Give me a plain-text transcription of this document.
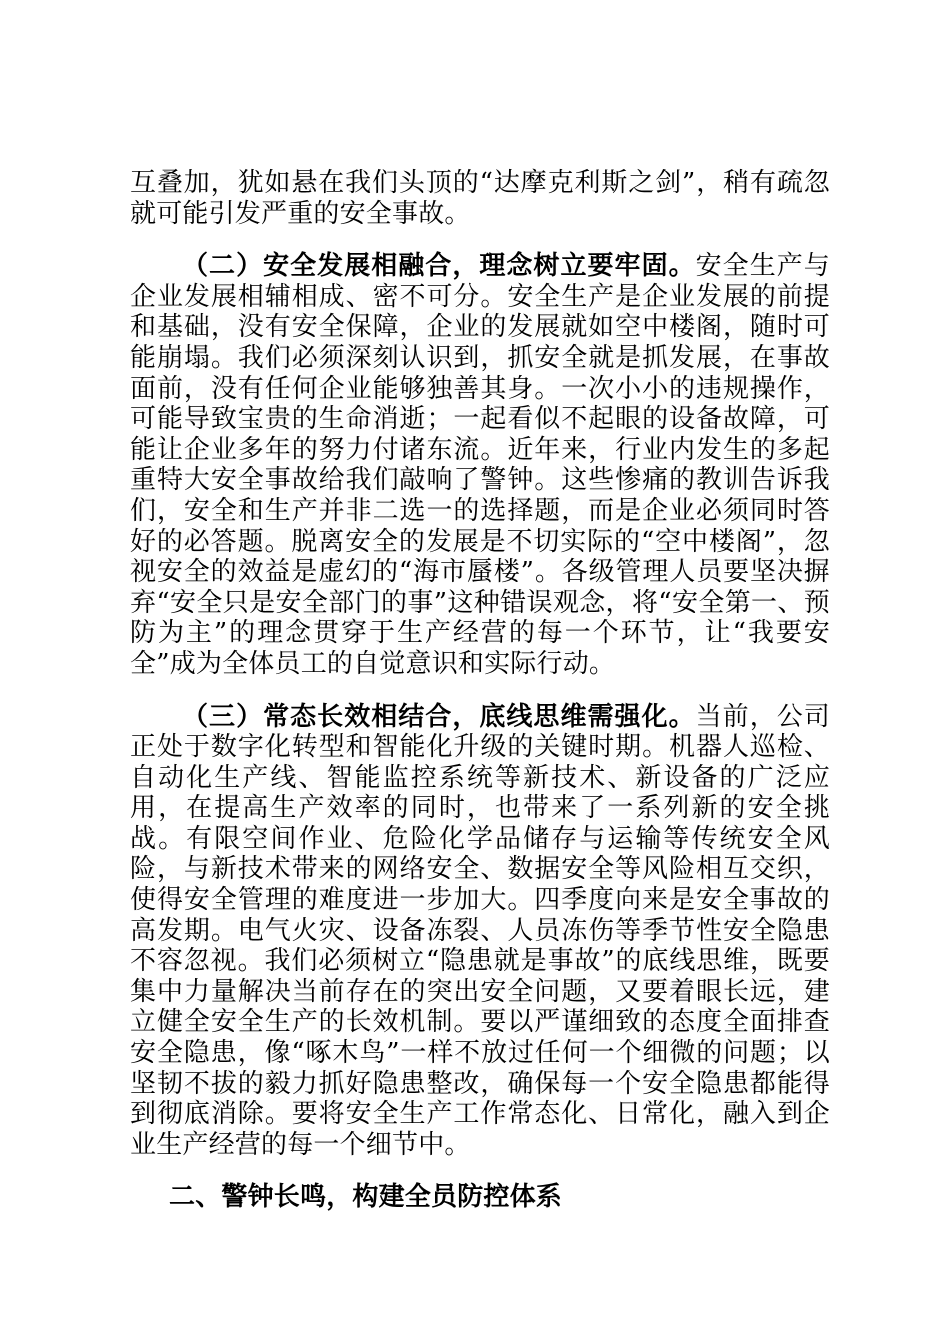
互叠加，犹如悬在我们头顶的“达摩克利斯之剑”，稍有疏忽就可能引发严重的安全事故。

（二）安全发展相融合，理念树立要牢固。安全生产与企业发展相辅相成、密不可分。安全生产是企业发展的前提和基础，没有安全保障，企业的发展就如空中楼阁，随时可能崩塌。我们必须深刻认识到，抓安全就是抓发展，在事故面前，没有任何企业能够独善其身。一次小小的违规操作，可能导致宝贵的生命消逝；一起看似不起眼的设备故障，可能让企业多年的努力付诸东流。近年来，行业内发生的多起重特大安全事故给我们敲响了警钟。这些惨痛的教训告诉我们，安全和生产并非二选一的选择题，而是企业必须同时答好的必答题。脱离安全的发展是不切实际的“空中楼阁”，忽视安全的效益是虚幻的“海市蜃楼”。各级管理人员要坚决摒弃“安全只是安全部门的事”这种错误观念，将“安全第一、预防为主”的理念贯穿于生产经营的每一个环节，让“我要安全”成为全体员工的自觉意识和实际行动。

（三）常态长效相结合，底线思维需强化。当前，公司正处于数字化转型和智能化升级的关键时期。机器人巡检、自动化生产线、智能监控系统等新技术、新设备的广泛应用，在提高生产效率的同时，也带来了一系列新的安全挑战。有限空间作业、危险化学品储存与运输等传统安全风险，与新技术带来的网络安全、数据安全等风险相互交织，使得安全管理的难度进一步加大。四季度向来是安全事故的高发期。电气火灾、设备冻裂、人员冻伤等季节性安全隐患不容忽视。我们必须树立“隐患就是事故”的底线思维，既要集中力量解决当前存在的突出安全问题，又要着眼长远，建立健全安全生产的长效机制。要以严谨细致的态度全面排查安全隐患，像“啄木鸟”一样不放过任何一个细微的问题；以坚韧不拔的毅力抓好隐患整改，确保每一个安全隐患都能得到彻底消除。要将安全生产工作常态化、日常化，融入到企业生产经营的每一个细节中。

二、警钟长鸣，构建全员防控体系
